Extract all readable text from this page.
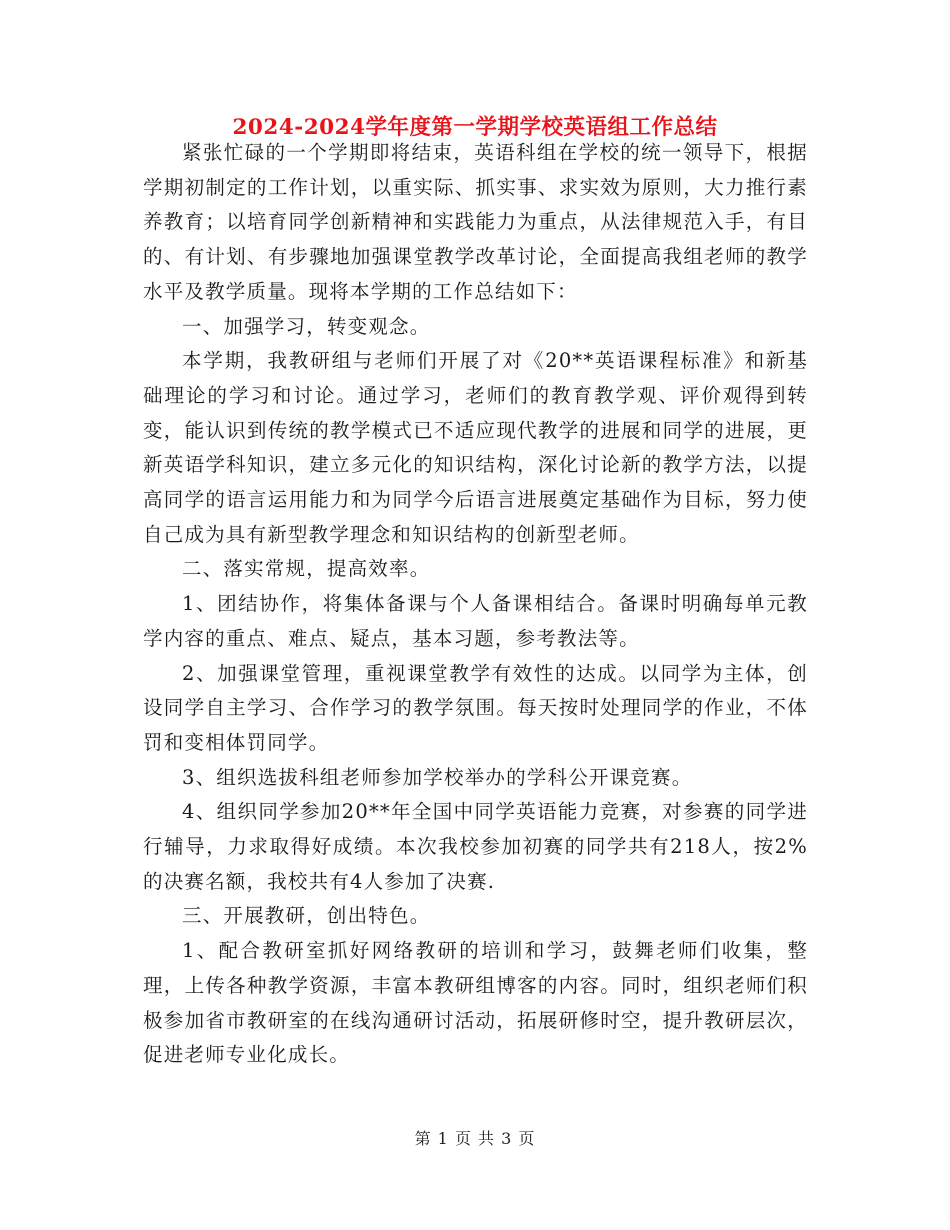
2024-2024学年度第一学期学校英语组工作总结

紧张忙碌的一个学期即将结束，英语科组在学校的统一领导下，根据学期初制定的工作计划，以重实际、抓实事、求实效为原则，大力推行素养教育；以培育同学创新精神和实践能力为重点，从法律规范入手，有目的、有计划、有步骤地加强课堂教学改革讨论，全面提高我组老师的教学水平及教学质量。现将本学期的工作总结如下：

一、加强学习，转变观念。

本学期，我教研组与老师们开展了对《20**英语课程标准》和新基础理论的学习和讨论。通过学习，老师们的教育教学观、评价观得到转变，能认识到传统的教学模式已不适应现代教学的进展和同学的进展，更新英语学科知识，建立多元化的知识结构，深化讨论新的教学方法，以提高同学的语言运用能力和为同学今后语言进展奠定基础作为目标，努力使自己成为具有新型教学理念和知识结构的创新型老师。

二、落实常规，提高效率。

1、团结协作，将集体备课与个人备课相结合。备课时明确每单元教学内容的重点、难点、疑点，基本习题，参考教法等。

2、加强课堂管理，重视课堂教学有效性的达成。以同学为主体，创设同学自主学习、合作学习的教学氛围。每天按时处理同学的作业，不体罚和变相体罚同学。

3、组织选拔科组老师参加学校举办的学科公开课竞赛。

4、组织同学参加20**年全国中同学英语能力竞赛，对参赛的同学进行辅导，力求取得好成绩。本次我校参加初赛的同学共有218人，按2%的决赛名额，我校共有4人参加了决赛.

三、开展教研，创出特色。

1、配合教研室抓好网络教研的培训和学习，鼓舞老师们收集，整理，上传各种教学资源，丰富本教研组博客的内容。同时，组织老师们积极参加省市教研室的在线沟通研讨活动，拓展研修时空，提升教研层次，促进老师专业化成长。

第 1 页 共 3 页
